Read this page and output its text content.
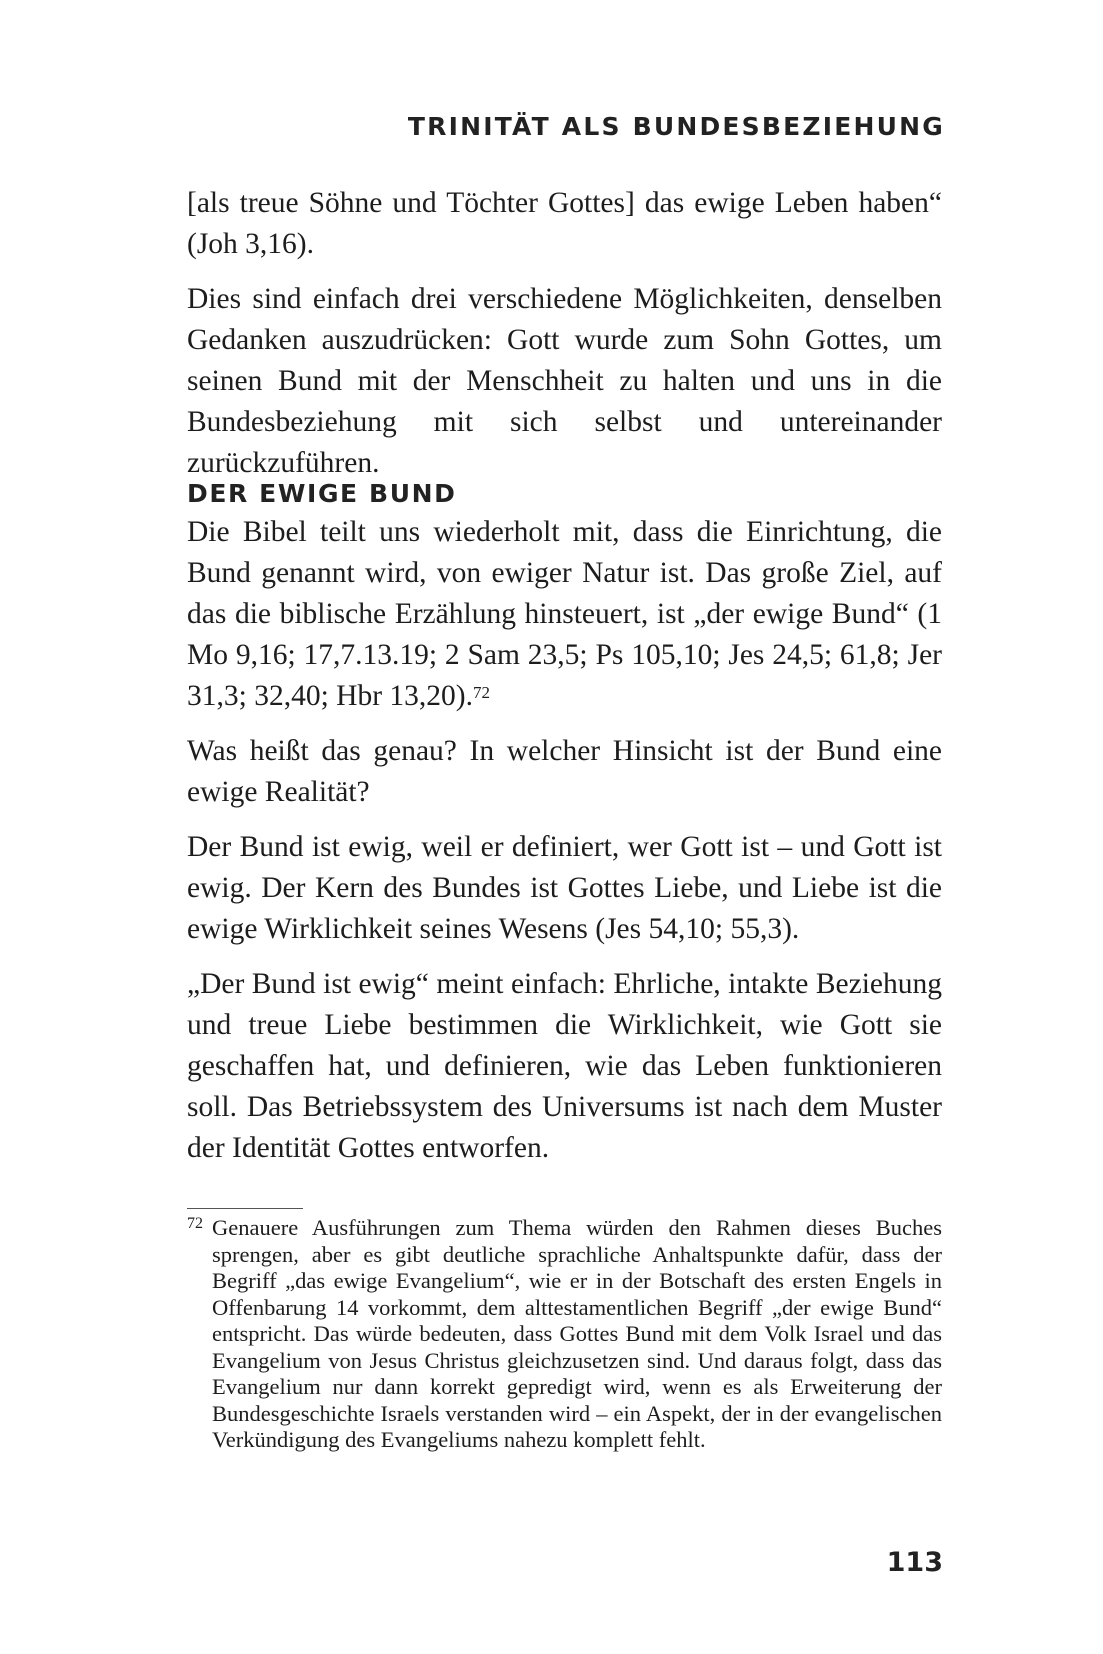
TRINITÄT ALS BUNDESBEZIEHUNG

[als treue Söhne und Töchter Gottes] das ewige Leben haben“ (Joh 3,16).

Dies sind einfach drei verschiedene Möglichkeiten, denselben Gedanken auszudrücken: Gott wurde zum Sohn Gottes, um seinen Bund mit der Menschheit zu halten und uns in die Bundesbeziehung mit sich selbst und untereinander zurückzuführen.

DER EWIGE BUND

Die Bibel teilt uns wiederholt mit, dass die Einrichtung, die Bund genannt wird, von ewiger Natur ist. Das große Ziel, auf das die biblische Erzählung hinsteuert, ist „der ewige Bund“ (1 Mo 9,16; 17,7.13.19; 2 Sam 23,5; Ps 105,10; Jes 24,5; 61,8; Jer 31,3; 32,40; Hbr 13,20).$^{72}$

Was heißt das genau? In welcher Hinsicht ist der Bund eine ewige Realität?

Der Bund ist ewig, weil er definiert, wer Gott ist – und Gott ist ewig. Der Kern des Bundes ist Gottes Liebe, und Liebe ist die ewige Wirklichkeit seines Wesens (Jes 54,10; 55,3).

„Der Bund ist ewig“ meint einfach: Ehrliche, intakte Beziehung und treue Liebe bestimmen die Wirklichkeit, wie Gott sie geschaffen hat, und definieren, wie das Leben funktionieren soll. Das Betriebssystem des Universums ist nach dem Muster der Identität Gottes entworfen.

72 Genauere Ausführungen zum Thema würden den Rahmen dieses Buches sprengen, aber es gibt deutliche sprachliche Anhaltspunkte dafür, dass der Begriff „das ewige Evangelium“, wie er in der Botschaft des ersten Engels in Offenbarung 14 vorkommt, dem alttestamentlichen Begriff „der ewige Bund“ entspricht. Das würde bedeuten, dass Gottes Bund mit dem Volk Israel und das Evangelium von Jesus Christus gleichzusetzen sind. Und daraus folgt, dass das Evangelium nur dann korrekt gepredigt wird, wenn es als Erweiterung der Bundesgeschichte Israels verstanden wird – ein Aspekt, der in der evangelischen Verkündigung des Evangeliums nahezu komplett fehlt.
113
